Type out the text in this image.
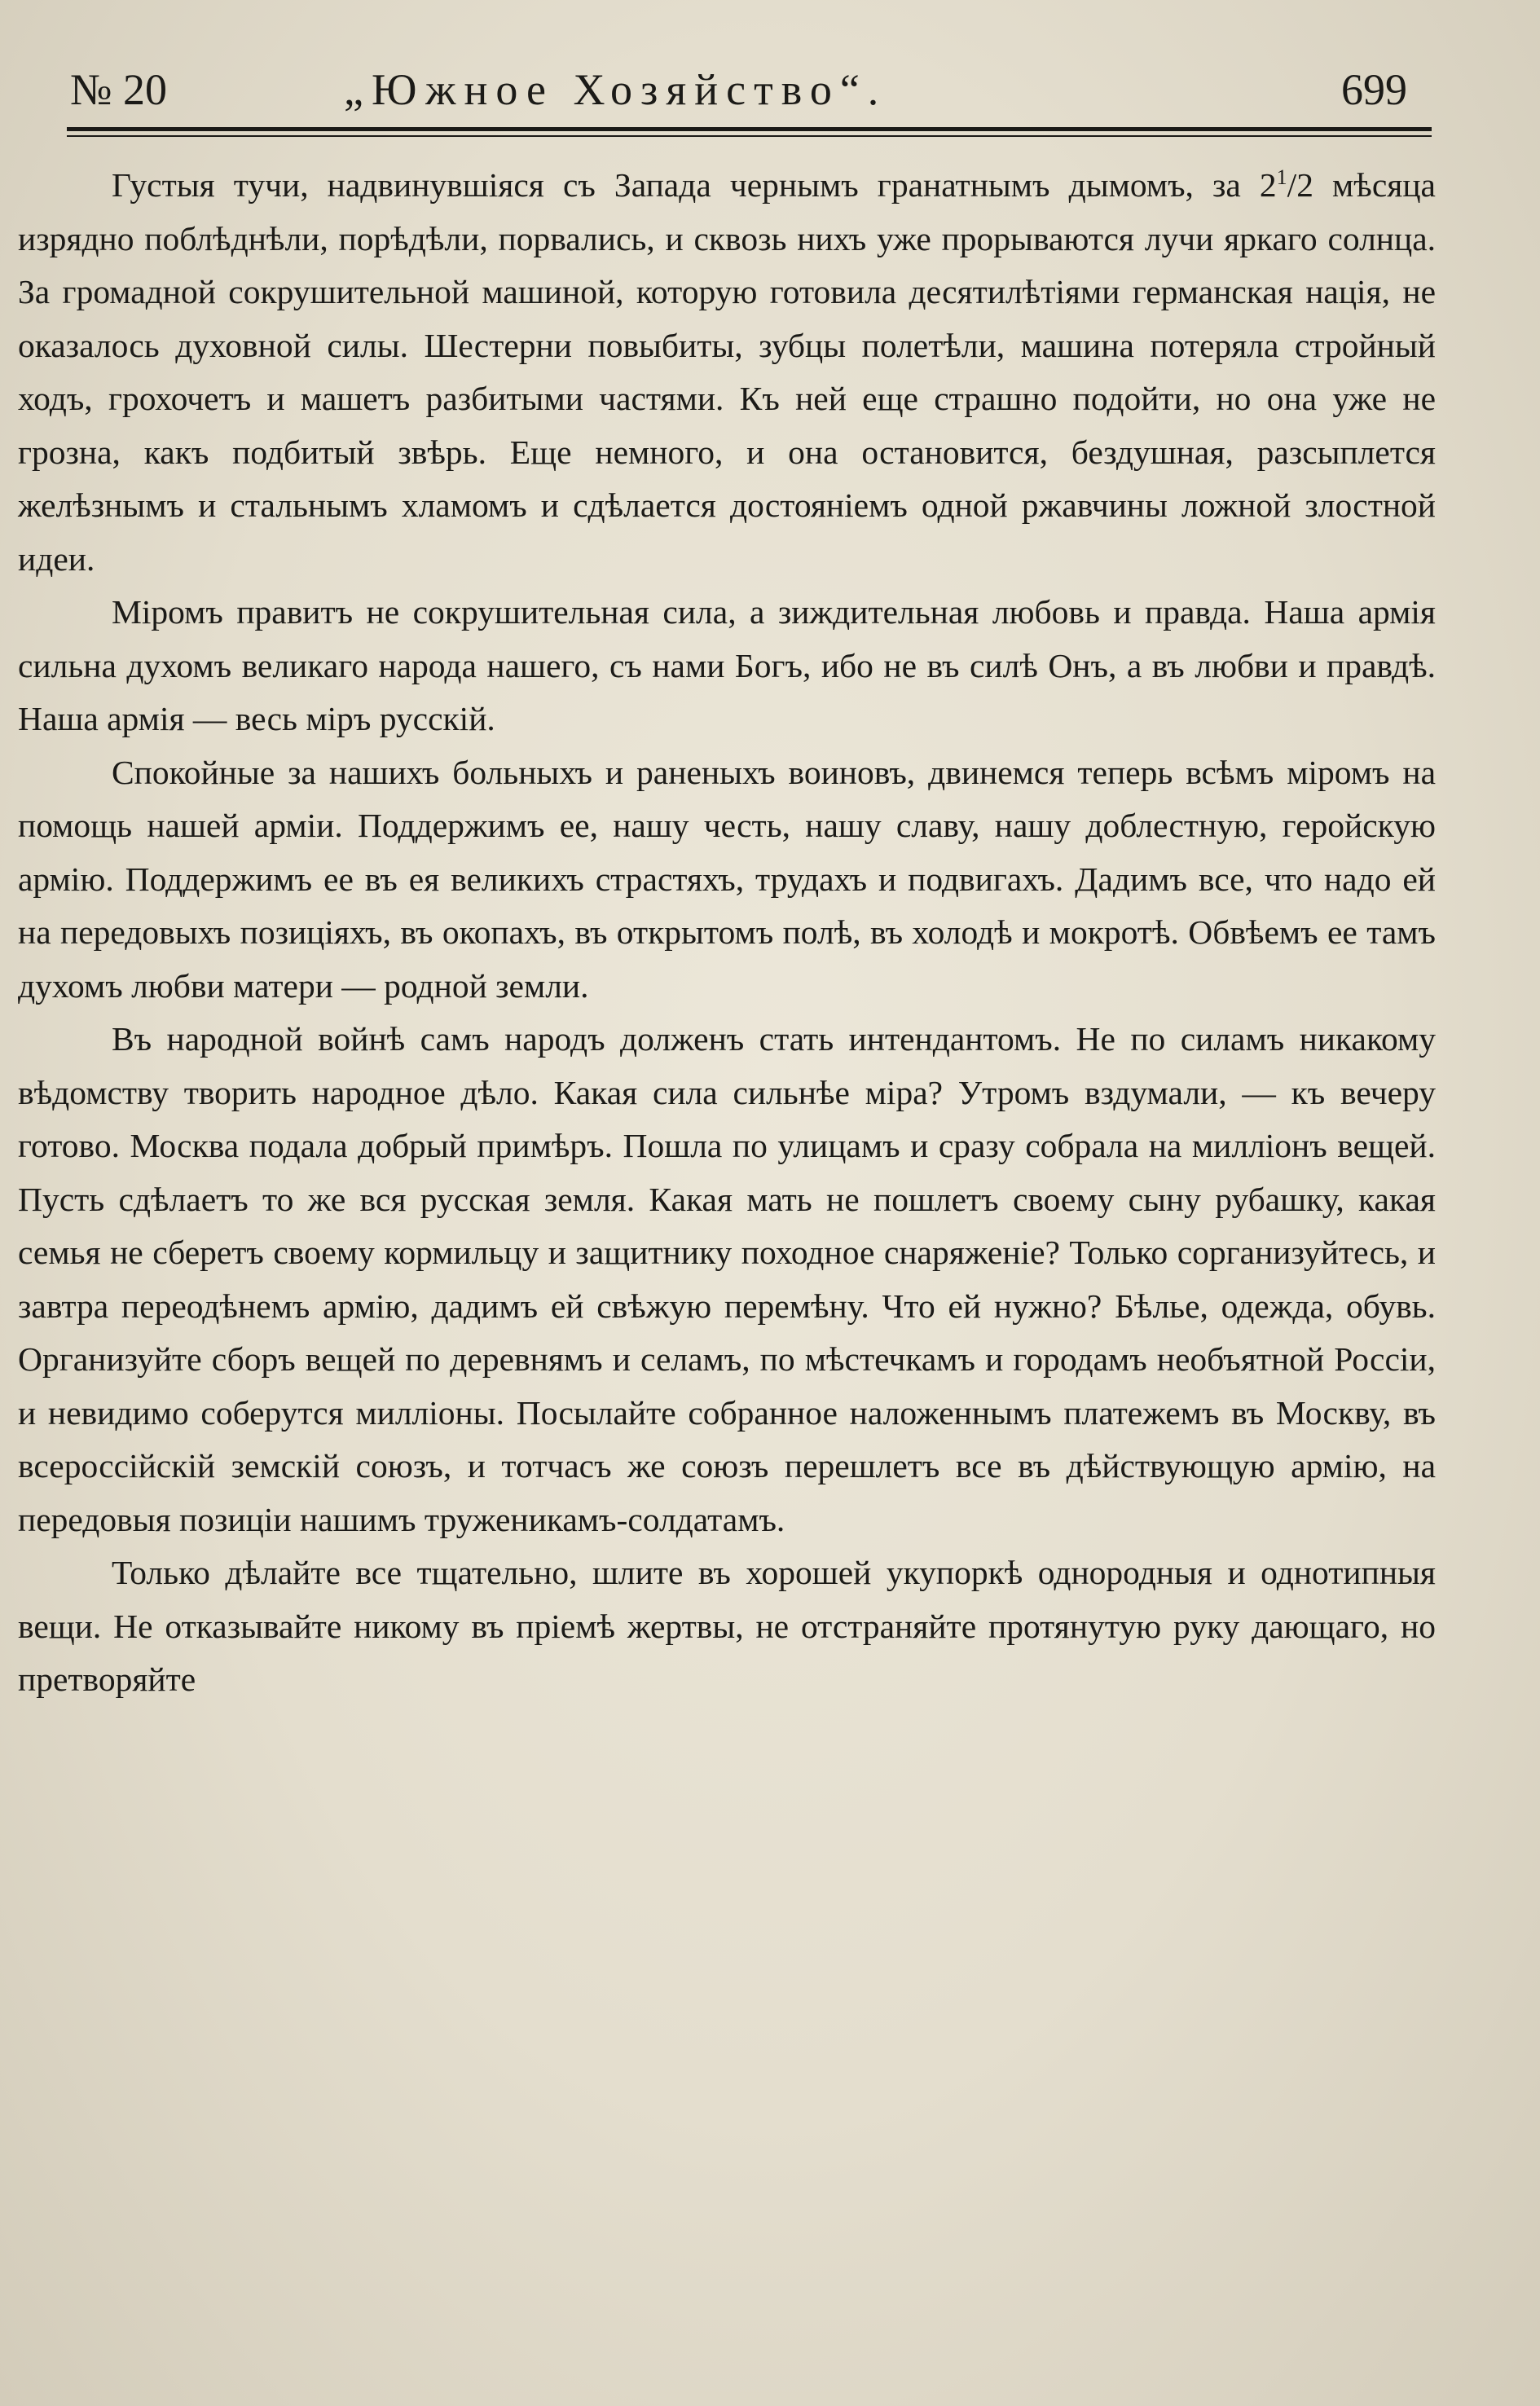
№ 20	„Южное Хозяйство“.	699

Густыя тучи, надвинувшіяся съ Запада чернымъ гранатнымъ дымомъ, за $2^1/2$ мѣсяца изрядно поблѣднѣли, порѣдѣли, порвались, и сквозь нихъ уже прорываются лучи яркаго солнца. За громадной сокрушительной машиной, которую готовила десятилѣтіями германская нація, не оказалось духовной силы. Шестерни повыбиты, зубцы полетѣли, машина потеряла стройный ходъ, грохочетъ и машетъ разбитыми частями. Къ ней еще страшно подойти, но она уже не грозна, какъ подбитый звѣрь. Еще немного, и она остановится, бездушная, разсыплется желѣзнымъ и стальнымъ хламомъ и сдѣлается достояніемъ одной ржавчины ложной злостной идеи.

Міромъ правитъ не сокрушительная сила, а зиждительная любовь и правда. Наша армія сильна духомъ великаго народа нашего, съ нами Богъ, ибо не въ силѣ Онъ, а въ любви и правдѣ. Наша армія — весь міръ русскій.

Спокойные за нашихъ больныхъ и раненыхъ воиновъ, двинемся теперь всѣмъ міромъ на помощь нашей арміи. Поддержимъ ее, нашу честь, нашу славу, нашу доблестную, геройскую армію. Поддержимъ ее въ ея великихъ страстяхъ, трудахъ и подвигахъ. Дадимъ все, что надо ей на передовыхъ позиціяхъ, въ окопахъ, въ открытомъ полѣ, въ холодѣ и мокротѣ. Обвѣемъ ее тамъ духомъ любви матери — родной земли.

Въ народной войнѣ самъ народъ долженъ стать интендантомъ. Не по силамъ никакому вѣдомству творить народное дѣло. Какая сила сильнѣе міра? Утромъ вздумали, — къ вечеру готово. Москва подала добрый примѣръ. Пошла по улицамъ и сразу собрала на милліонъ вещей. Пусть сдѣлаетъ то же вся русская земля. Какая мать не пошлетъ своему сыну рубашку, какая семья не сберетъ своему кормильцу и защитнику походное снаряженіе? Только сорганизуйтесь, и завтра переодѣнемъ армію, дадимъ ей свѣжую перемѣну. Что ей нужно? Бѣлье, одежда, обувь. Организуйте сборъ вещей по деревнямъ и селамъ, по мѣстечкамъ и городамъ необъятной Россіи, и невидимо соберутся милліоны. Посылайте собранное наложеннымъ платежемъ въ Москву, въ всероссійскій земскій союзъ, и тотчасъ же союзъ перешлетъ все въ дѣйствующую армію, на передовыя позиціи нашимъ труженикамъ-солдатамъ.

Только дѣлайте все тщательно, шлите въ хорошей укупоркѣ однородныя и однотипныя вещи. Не отказывайте никому въ пріемѣ жертвы, не отстраняйте протянутую руку дающаго, но претворяйте
